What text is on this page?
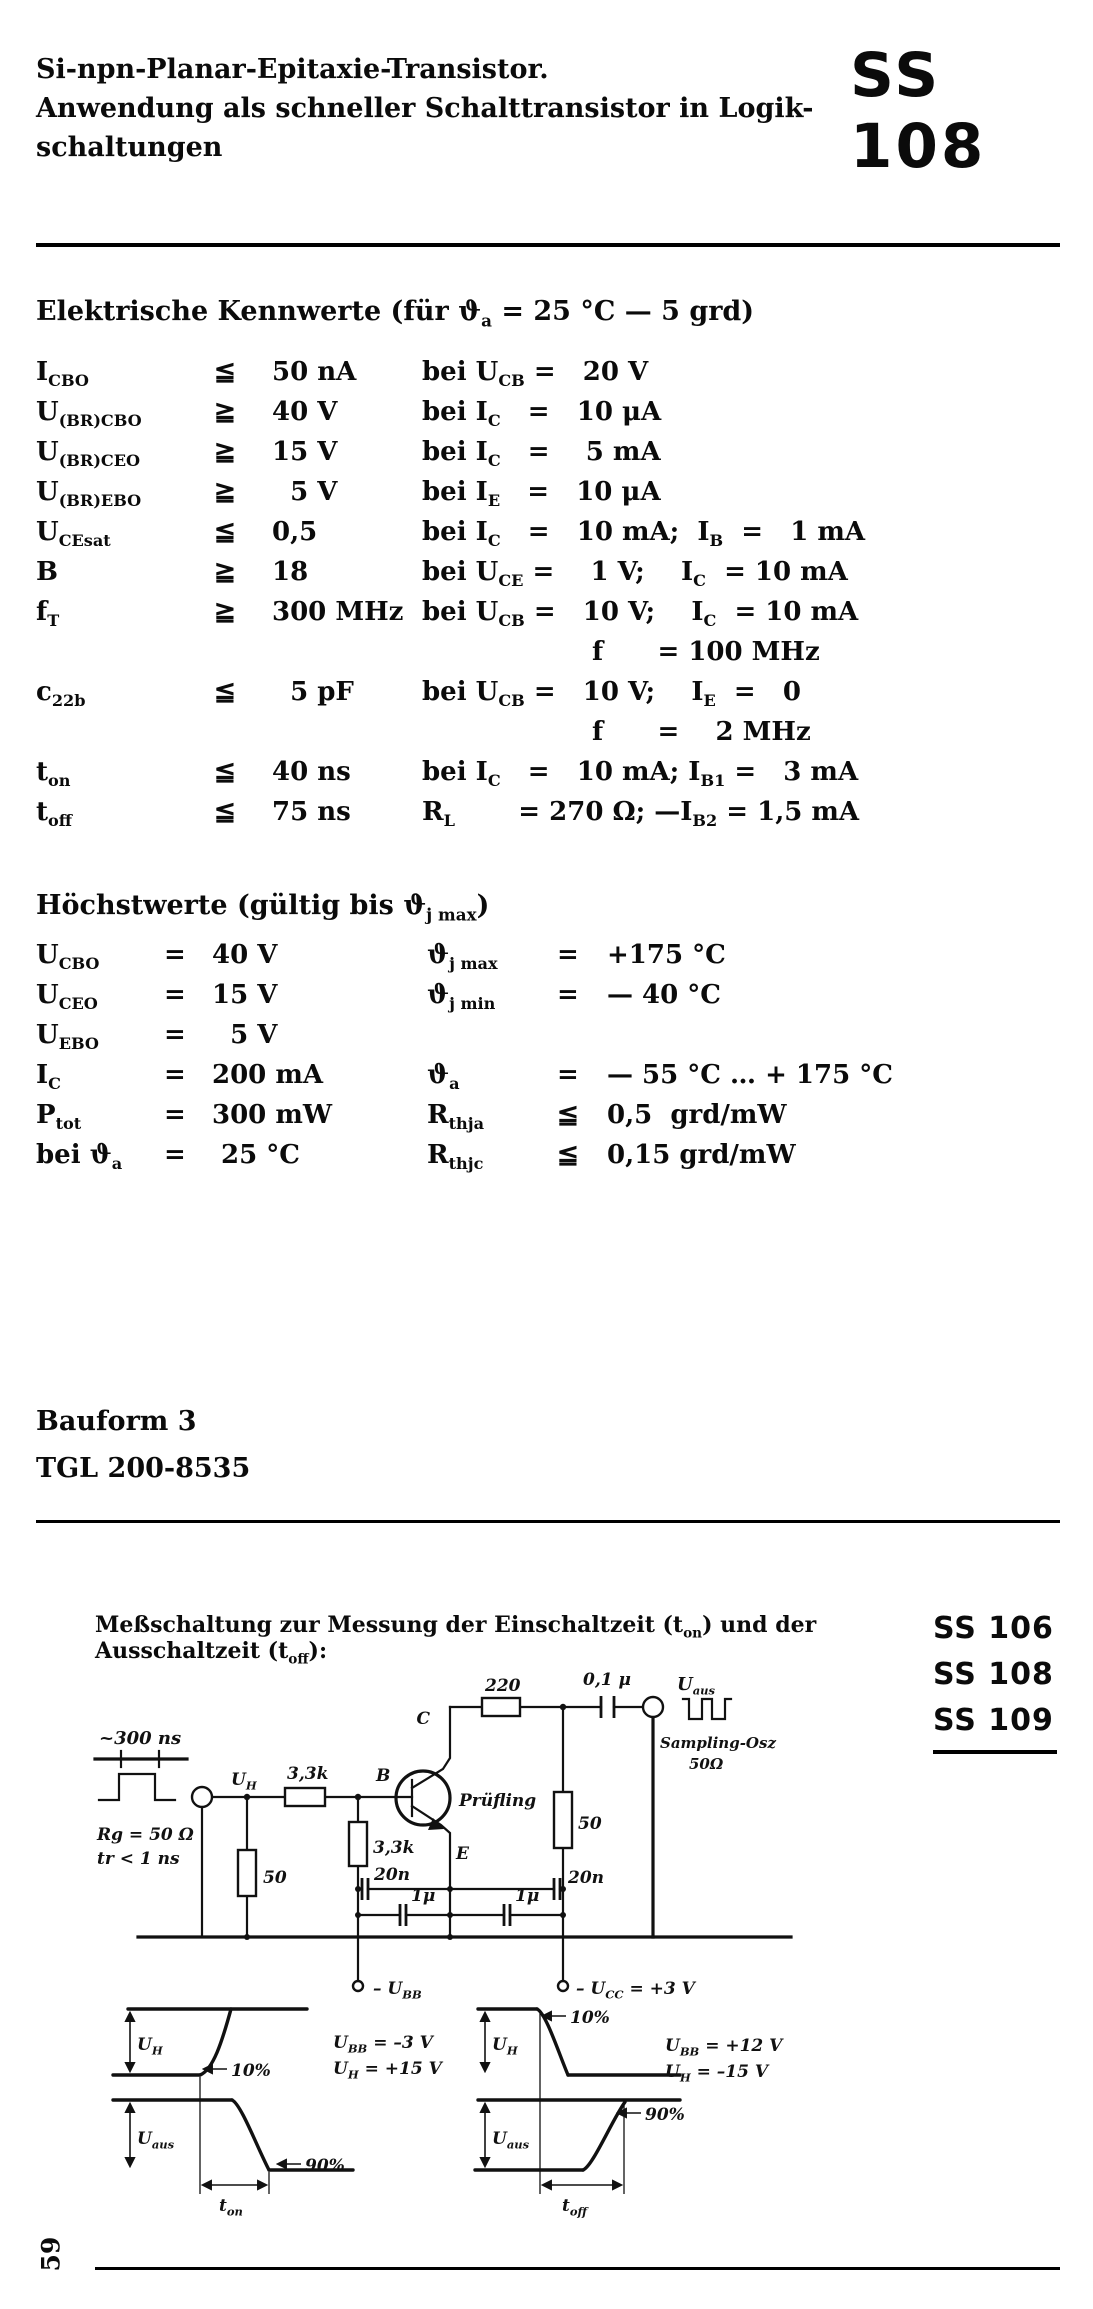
Si-npn-Planar-Epitaxie-Transistor.
Anwendung als schneller Schalttransistor in Logik-
schaltungen
SS 108
Elektrische Kennwerte (für $ϑ_a = 25$ °C — 5 grd)
$I_{CBO}$	≦	50 nA	bei $U_{CB} = 20$ V
$U_{(BR)CBO}$	≧	40 V	bei $I_C = 10$ μA
$U_{(BR)CEO}$	≧	15 V	bei $I_C$   =    5 mA
$U_{(BR)EBO}$	≧	5 V	bei $I_E = 10$ μA
$U_{CEsat}$	≦	0,5	bei $I_C = 10$ mA;  $I_B = 1$ mA
B	≧	18	bei $U_{CE}$ =    1 V;    $I_C = 10$ mA
$f_T$	≧	300 MHz bei $U_{CB} = 10$ V;    $I_C = 10$ mA
f      = 100 MHz
$c_{22b}$	≦	5 pF	bei $U_{CB} = 10$ V;    $I_E = 0$
f      =    2 MHz
$t_{on}$	≦	40 ns	bei $I_C = 10$ mA; $I_{B1} = 3$ mA
$t_{off}$	≦	75 ns	$R_L$       = 270 Ω; $—I_{B2} = 1,5$ mA
Höchstwerte (gültig bis $ϑ_{j max}$)
$U_{CBO}$	=	40 V	$ϑ_{j max}$	=	+175 °C
$U_{CEO}$	=	15 V	$ϑ_{j min}$	=	— 40 °C
$U_{EBO}$	=	5 V
$I_C$	=	200 mA	$ϑ_a$	=	— 55 °C … + 175 °C
$P_{tot}$	=	300 mW	$R_{thja}$	≦	0,5  grd/mW
bei $ϑ_a$	=	25 °C	$R_{thjc}$	≦	0,15 grd/mW
Bauform 3
TGL 200-8535
Meßschaltung zur Messung der Einschaltzeit $(t_{on})$ und der Ausschaltzeit $(t_{off})$:
SS 106
SS 108
SS 109
~300 ns
Rg = 50 Ω
tr < 1 ns
$U_H$
50
3,3k	B
C
E
Prüfling
3,3k
20n
1μ	1μ
20n
220	0,1 μ
50
$U_{aus}$
Sampling-Osz
50Ω
– $U_{BB}$	– $U_{CC} = +3$ V
$U_H$
$U_{aus}$
10%
90%
$t_{on}$
$U_{BB} = -3$ V
$U_H = +15$ V
$U_H$
$U_{aus}$
10%
90%
$t_{off}$
$U_{BB} = +12$ V
$U_H = -15$ V
59
